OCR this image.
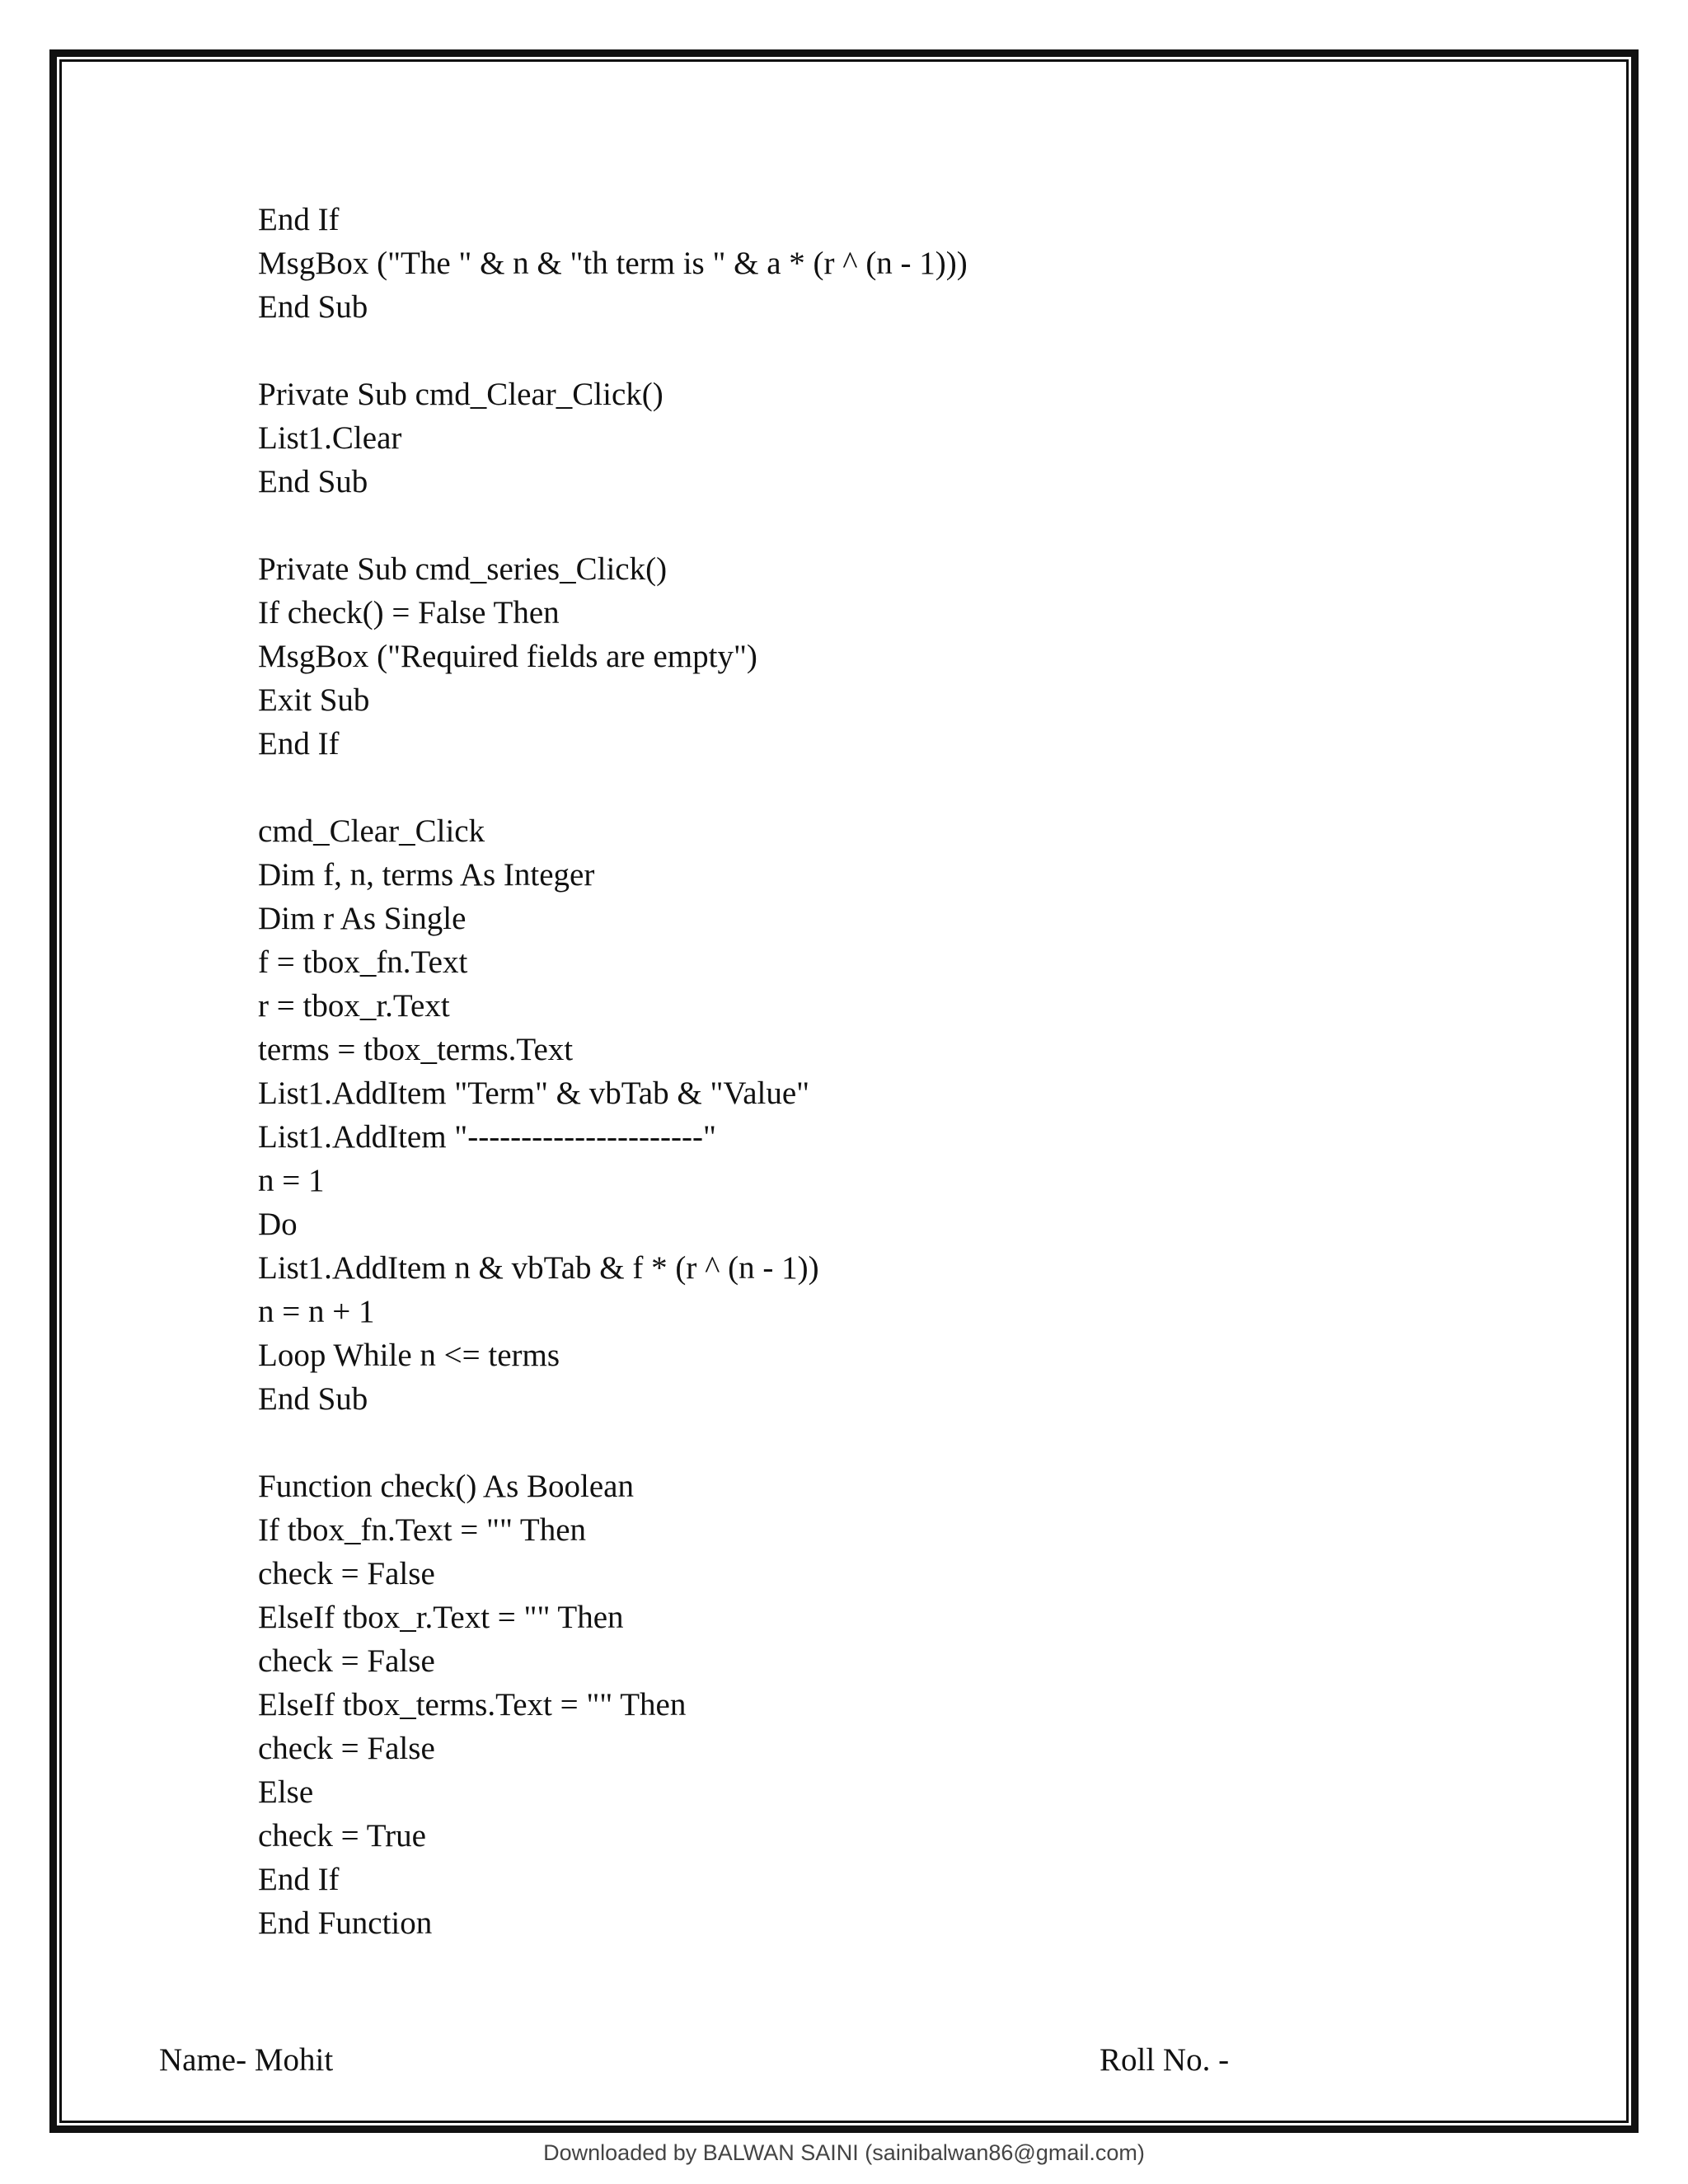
End If
MsgBox ("The " & n & "th term is " & a * (r ^ (n - 1)))
End Sub
Private Sub cmd_Clear_Click()
List1.Clear
End Sub
Private Sub cmd_series_Click()
If check() = False Then
MsgBox ("Required fields are empty")
Exit Sub
End If
cmd_Clear_Click
Dim f, n, terms As Integer
Dim r As Single
f = tbox_fn.Text
r = tbox_r.Text
terms = tbox_terms.Text
List1.AddItem "Term" & vbTab & "Value"
List1.AddItem "----------------------"
n = 1
Do
List1.AddItem n & vbTab & f * (r ^ (n - 1))
n = n + 1
Loop While n <= terms
End Sub
Function check() As Boolean
If tbox_fn.Text = "" Then
check = False
ElseIf tbox_r.Text = "" Then
check = False
ElseIf tbox_terms.Text = "" Then
check = False
Else
check = True
End If
End Function
Name- Mohit	Roll No. -
Downloaded by BALWAN SAINI (sainibalwan86@gmail.com)
